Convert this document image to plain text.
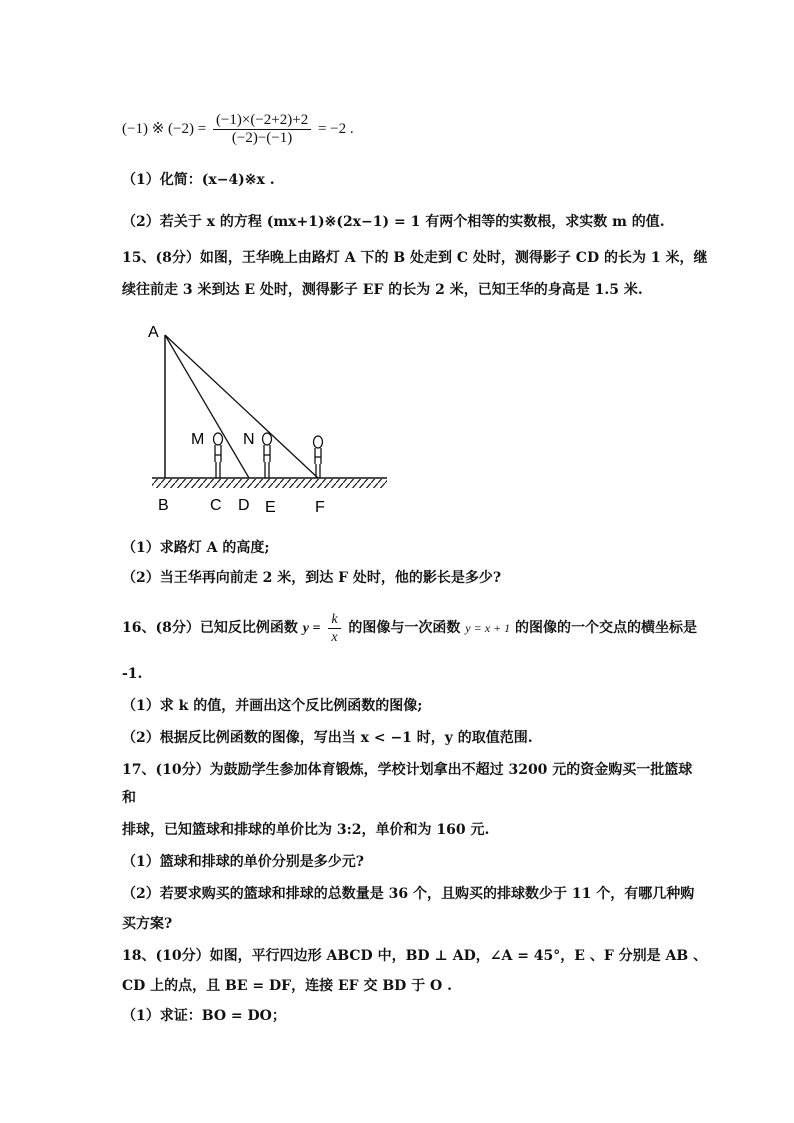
(−1) ※ $(-2) = \frac{(-1)\times(-2+2)+2}{(-2)-(-1)} = -2$ .
（1）化简：(x−4)※x .
（2）若关于 x 的方程 (mx+1)※(2x−1) = 1 有两个相等的实数根，求实数 m 的值.
15、(8分）如图，王华晚上由路灯 A 下的 B 处走到 C 处时，测得影子 CD 的长为 1 米，继
续往前走 3 米到达 E 处时，测得影子 EF 的长为 2 米，已知王华的身高是 1.5 米.
A
B	C D E F
M N
（1）求路灯 A 的高度;
（2）当王华再向前走 2 米，到达 F 处时，他的影长是多少?
16、(8分）已知反比例函数 $y = \frac{k}{x}$ 的图像与一次函数 y = x + 1 的图像的一个交点的横坐标是
-1.
（1）求 k 的值，并画出这个反比例函数的图像;
（2）根据反比例函数的图像，写出当 x < −1 时，y 的取值范围.
17、(10分）为鼓励学生参加体育锻炼，学校计划拿出不超过 3200 元的资金购买一批篮球
和
排球，已知篮球和排球的单价比为 3:2，单价和为 160 元.
（1）篮球和排球的单价分别是多少元?
（2）若要求购买的篮球和排球的总数量是 36 个，且购买的排球数少于 11 个，有哪几种购
买方案?
18、(10分）如图，平行四边形 ABCD 中，BD ⊥ AD，∠A = 45°，E 、F 分别是 AB 、
CD 上的点，且 BE = DF，连接 EF 交 BD 于 O .
（1）求证：BO = DO；
